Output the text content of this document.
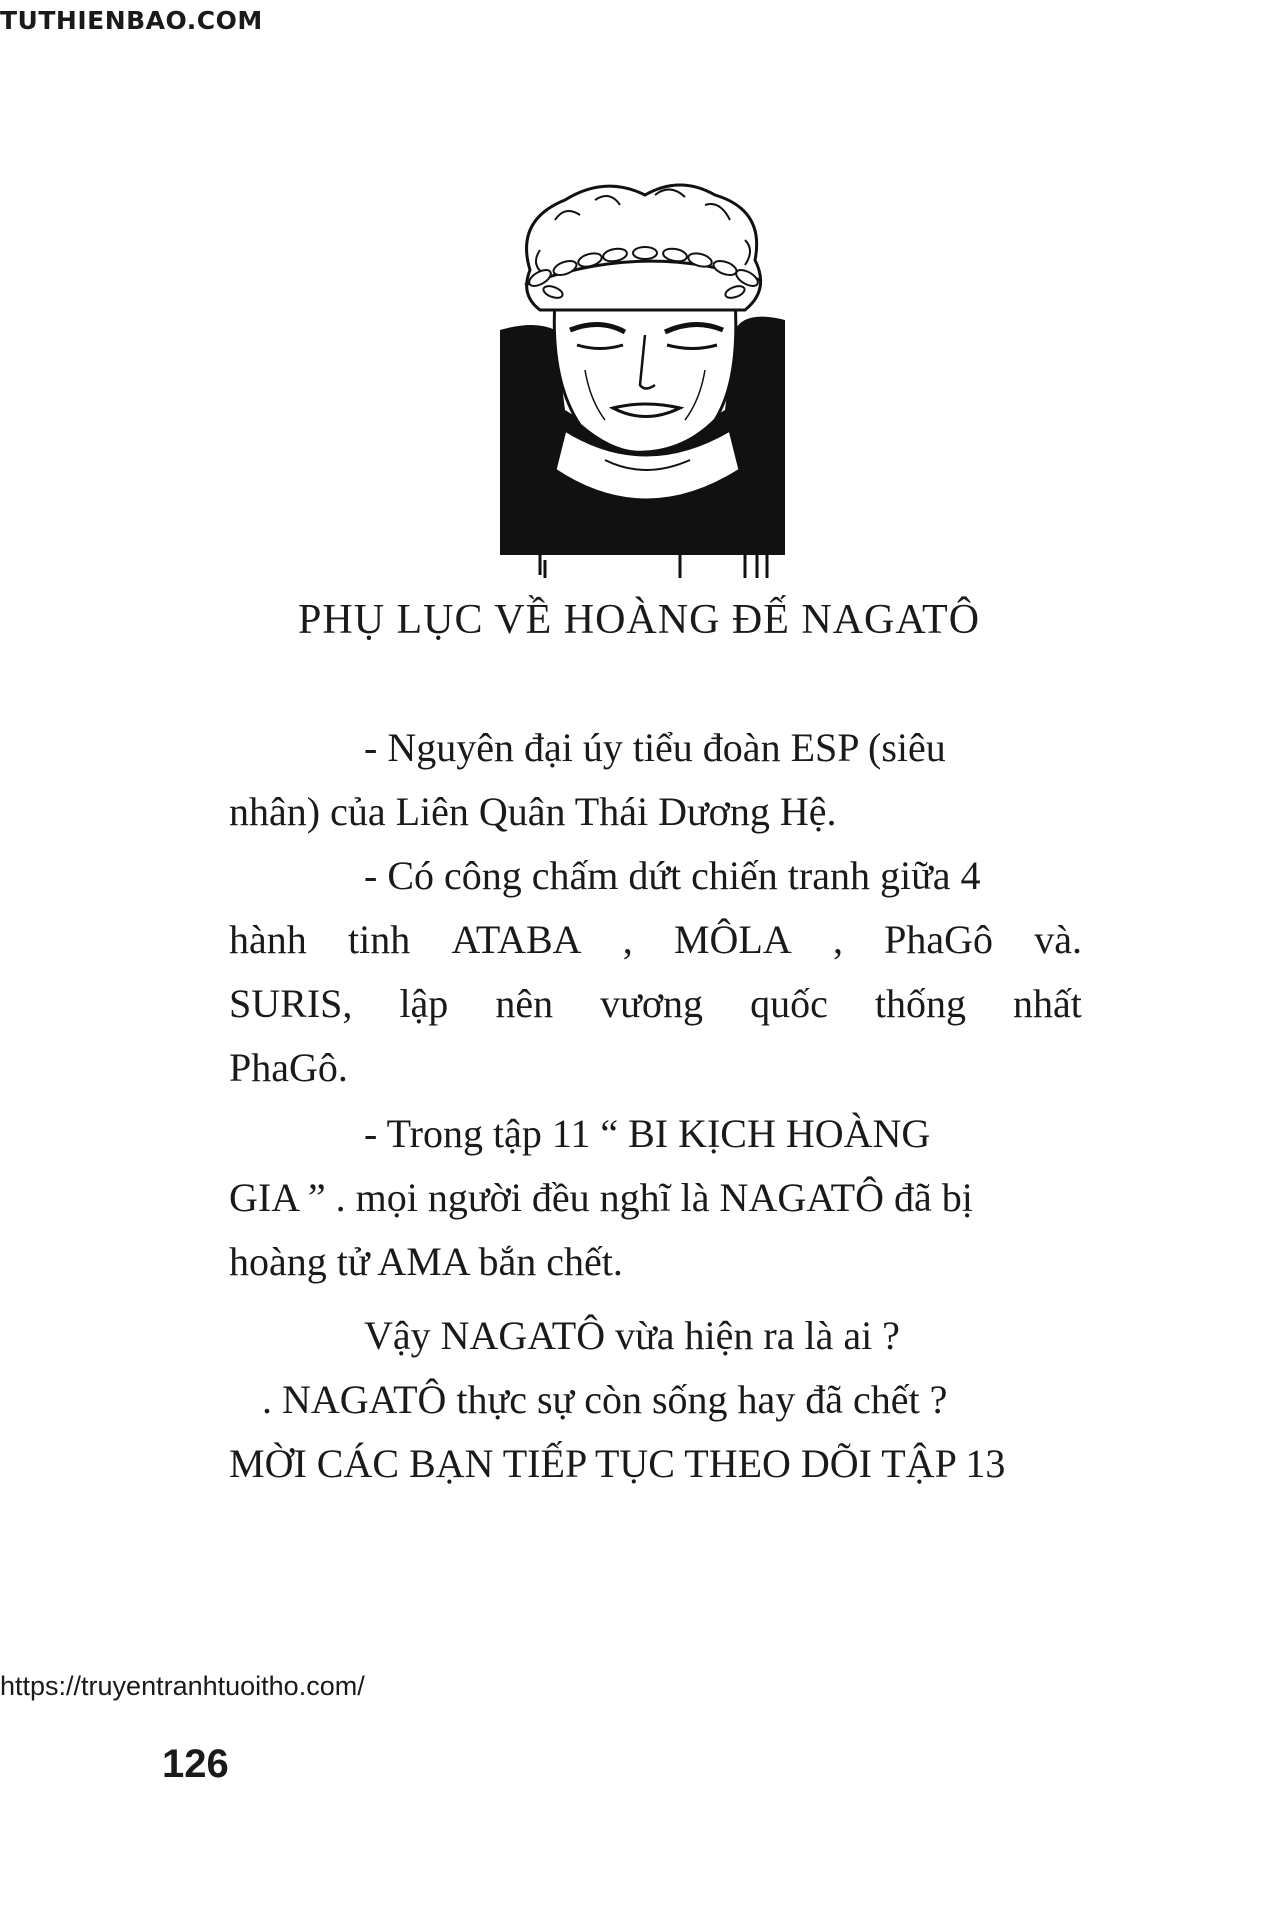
TUTHIENBAO.COM
PHỤ LỤC VỀ HOÀNG ĐẾ NAGATÔ
- Nguyên đại úy tiểu đoàn ESP (siêu
nhân) của Liên Quân Thái Dương Hệ.
- Có công chấm dứt chiến tranh giữa 4
hành tinh ATABA , MÔLA , PhaGô và.
SURIS, lập nên vương quốc thống nhất
PhaGô.
- Trong tập 11 “ BI KỊCH HOÀNG
GIA ” . mọi người đều nghĩ là NAGATÔ đã bị
hoàng tử AMA bắn chết.
Vậy NAGATÔ vừa hiện ra là ai ?
. NAGATÔ thực sự còn sống hay đã chết ?
MỜI CÁC BẠN TIẾP TỤC THEO DÕI TẬP 13
https://truyentranhtuoitho.com/
126
